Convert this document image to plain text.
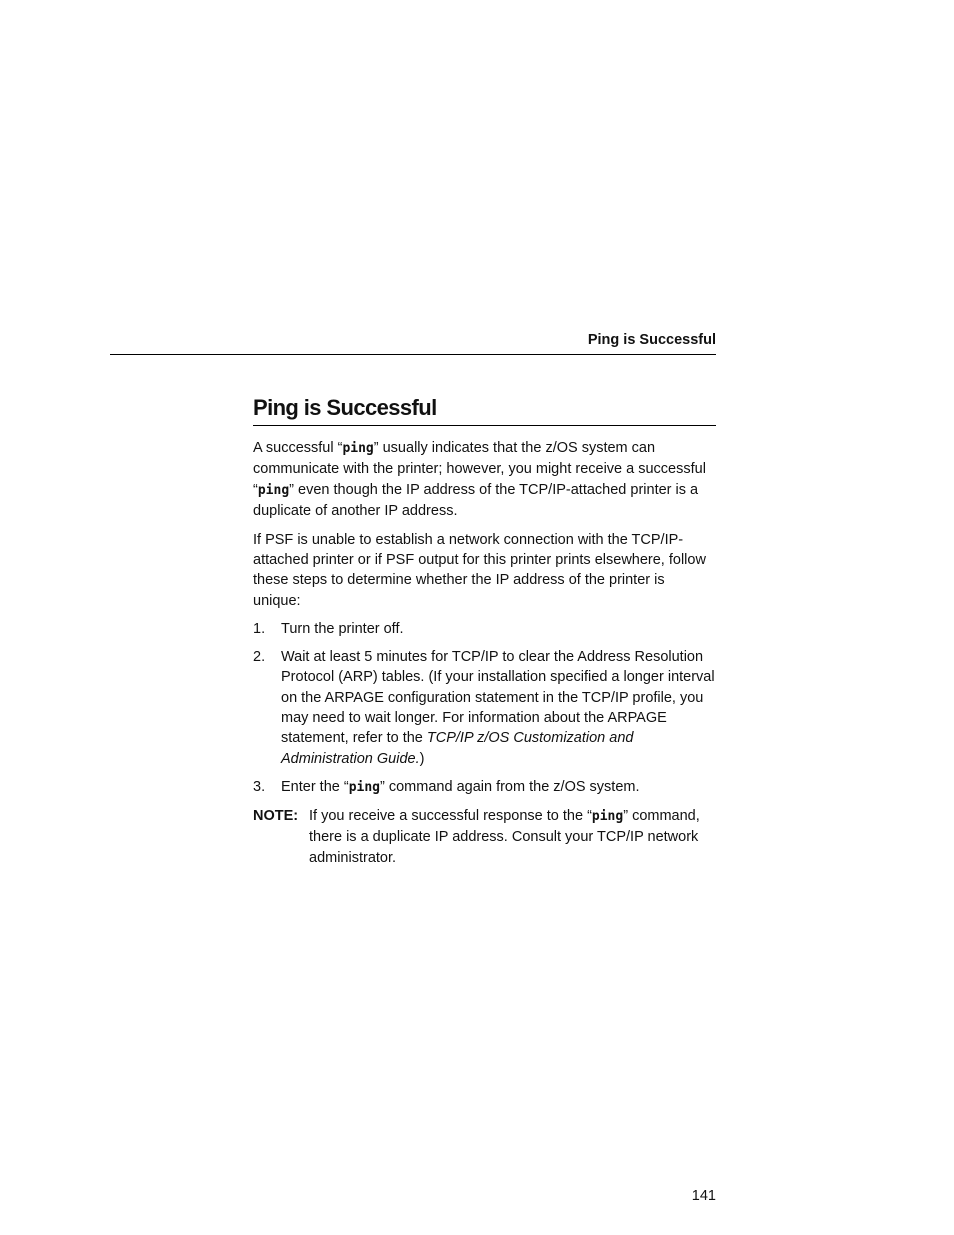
Ping is Successful
Ping is Successful

A successful “ping” usually indicates that the z/OS system can communicate with the printer; however, you might receive a successful “ping” even though the IP address of the TCP/IP-attached printer is a duplicate of another IP address.

If PSF is unable to establish a network connection with the TCP/IP-attached printer or if PSF output for this printer prints elsewhere, follow these steps to determine whether the IP address of the printer is unique:

1. Turn the printer off.
2. Wait at least 5 minutes for TCP/IP to clear the Address Resolution Protocol (ARP) tables. (If your installation specified a longer interval on the ARPAGE configuration statement in the TCP/IP profile, you may need to wait longer. For information about the ARPAGE statement, refer to the TCP/IP z/OS Customization and Administration Guide.)
3. Enter the “ping” command again from the z/OS system.
NOTE: If you receive a successful response to the “ping” command, there is a duplicate IP address. Consult your TCP/IP network administrator.
141
